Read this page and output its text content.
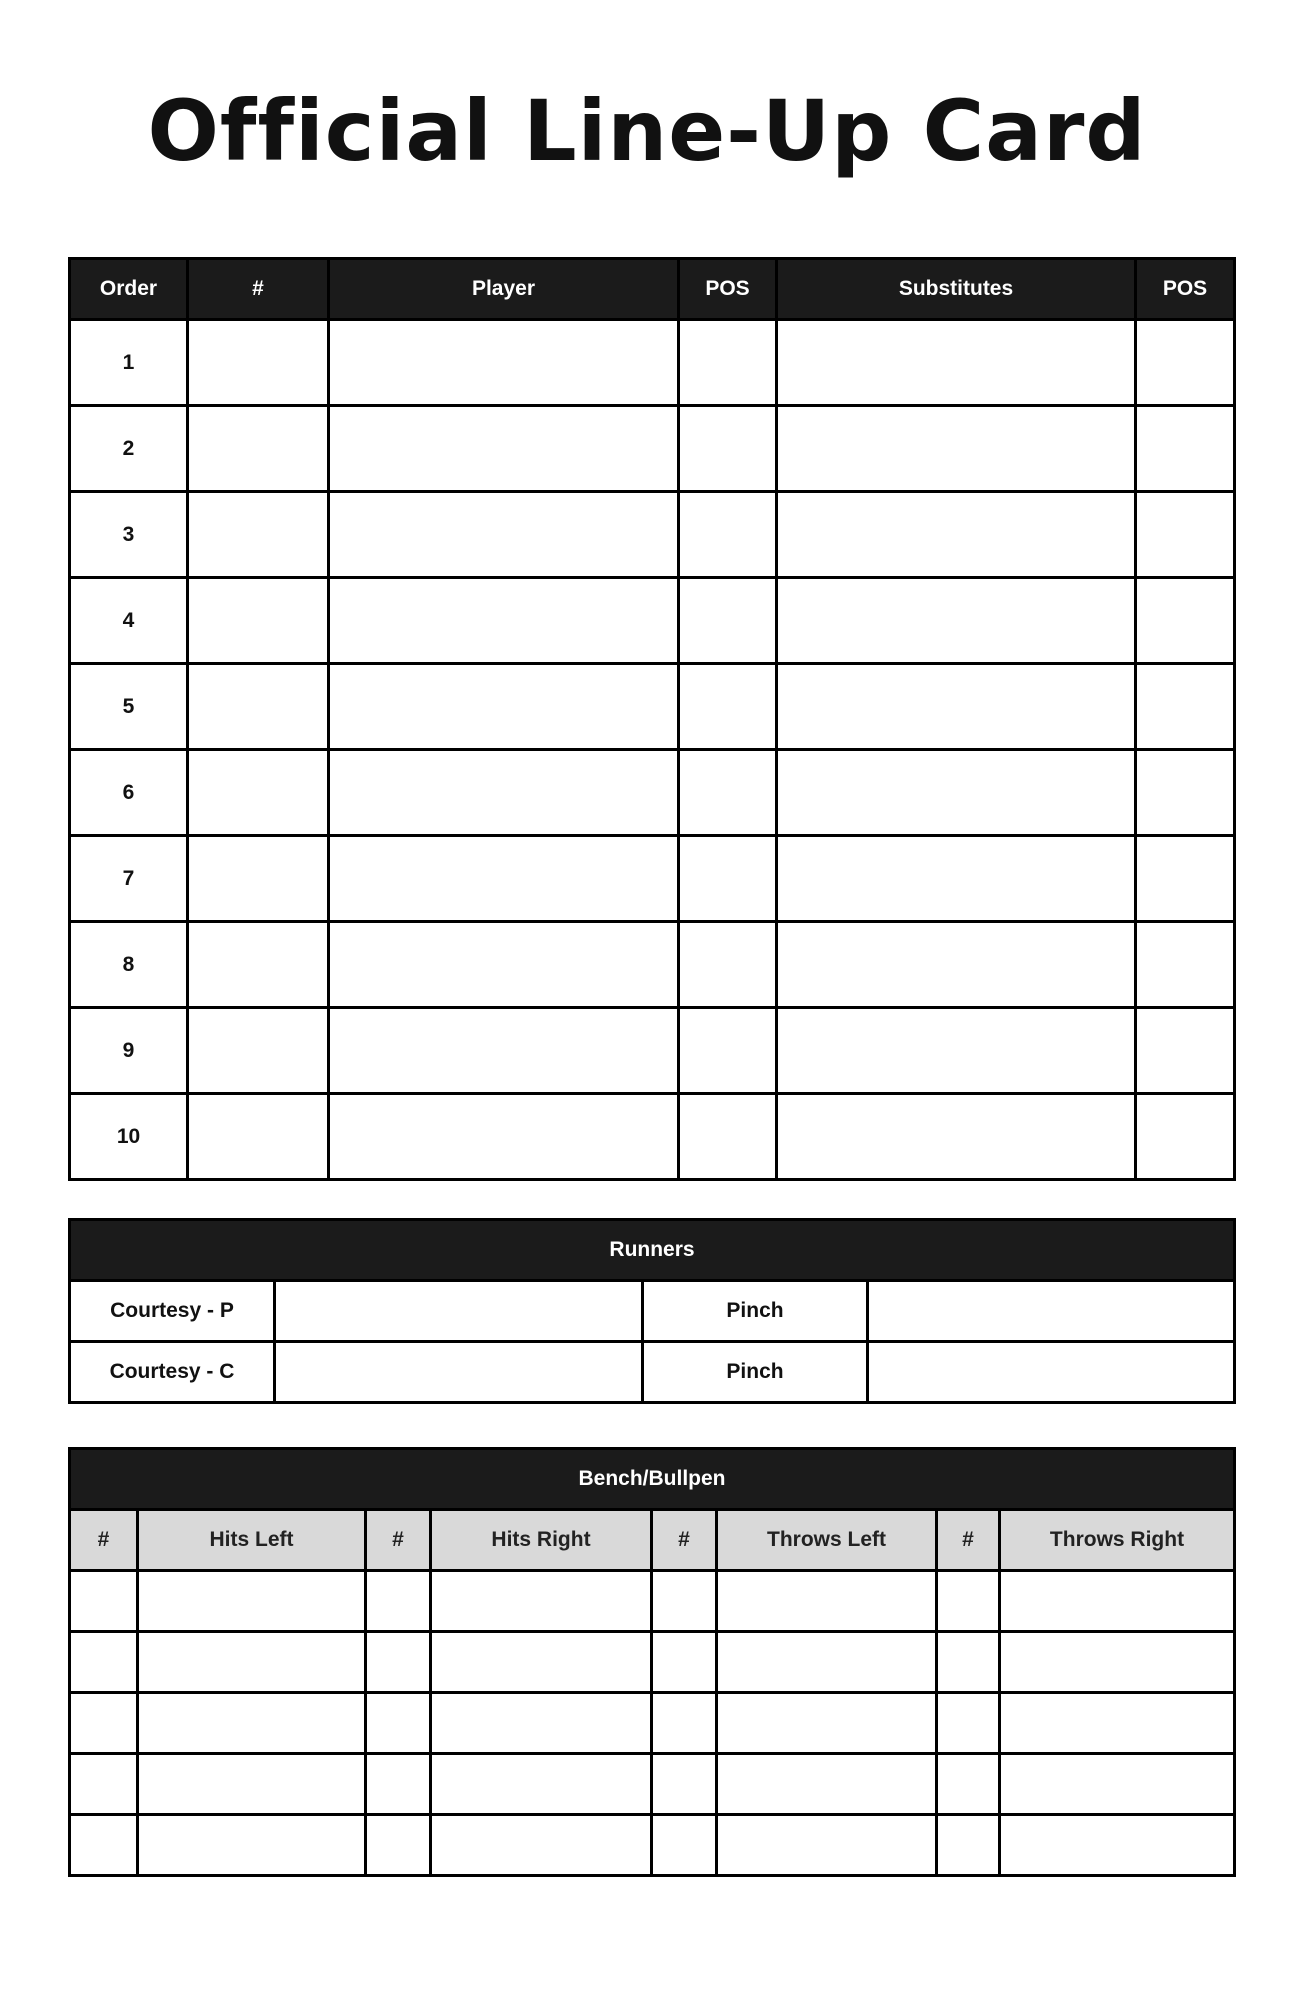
Official Line-Up Card
Order	#	Player	POS	Substitutes	POS
1					
2					
3					
4					
5					
6					
7					
8					
9					
10					
Runners			
Courtesy - P		Pinch	
Courtesy - C		Pinch	
Bench/Bullpen							
#	Hits Left	#	Hits Right	#	Throws Left	#	Throws Right
